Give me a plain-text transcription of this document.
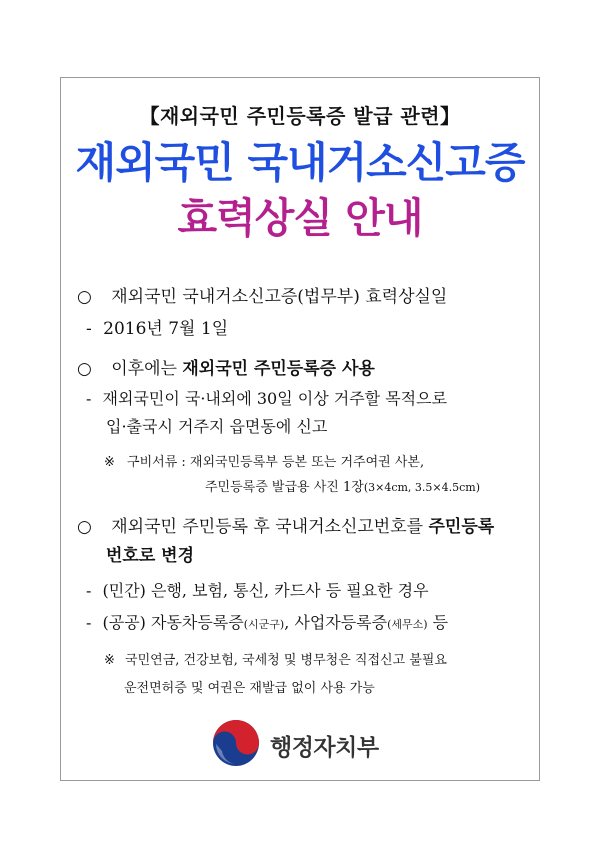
【재외국민 주민등록증 발급 관련】
재외국민 국내거소신고증
효력상실 안내
○ 재외국민 국내거소신고증(법무부) 효력상실일
- 2016년 7월 1일
○ 이후에는 재외국민 주민등록증 사용
- 재외국민이 국·내외에 30일 이상 거주할 목적으로
입·출국시 거주지 읍면동에 신고
※ 구비서류 : 재외국민등록부 등본 또는 거주여권 사본,
주민등록증 발급용 사진 1장(3×4cm, 3.5×4.5cm)
○ 재외국민 주민등록 후 국내거소신고번호를 주민등록
번호로 변경
- (민간) 은행, 보험, 통신, 카드사 등 필요한 경우
- (공공) 자동차등록증(시군구), 사업자등록증(세무소) 등
※ 국민연금, 건강보험, 국세청 및 병무청은 직접신고 불필요
운전면허증 및 여권은 재발급 없이 사용 가능
행정자치부
